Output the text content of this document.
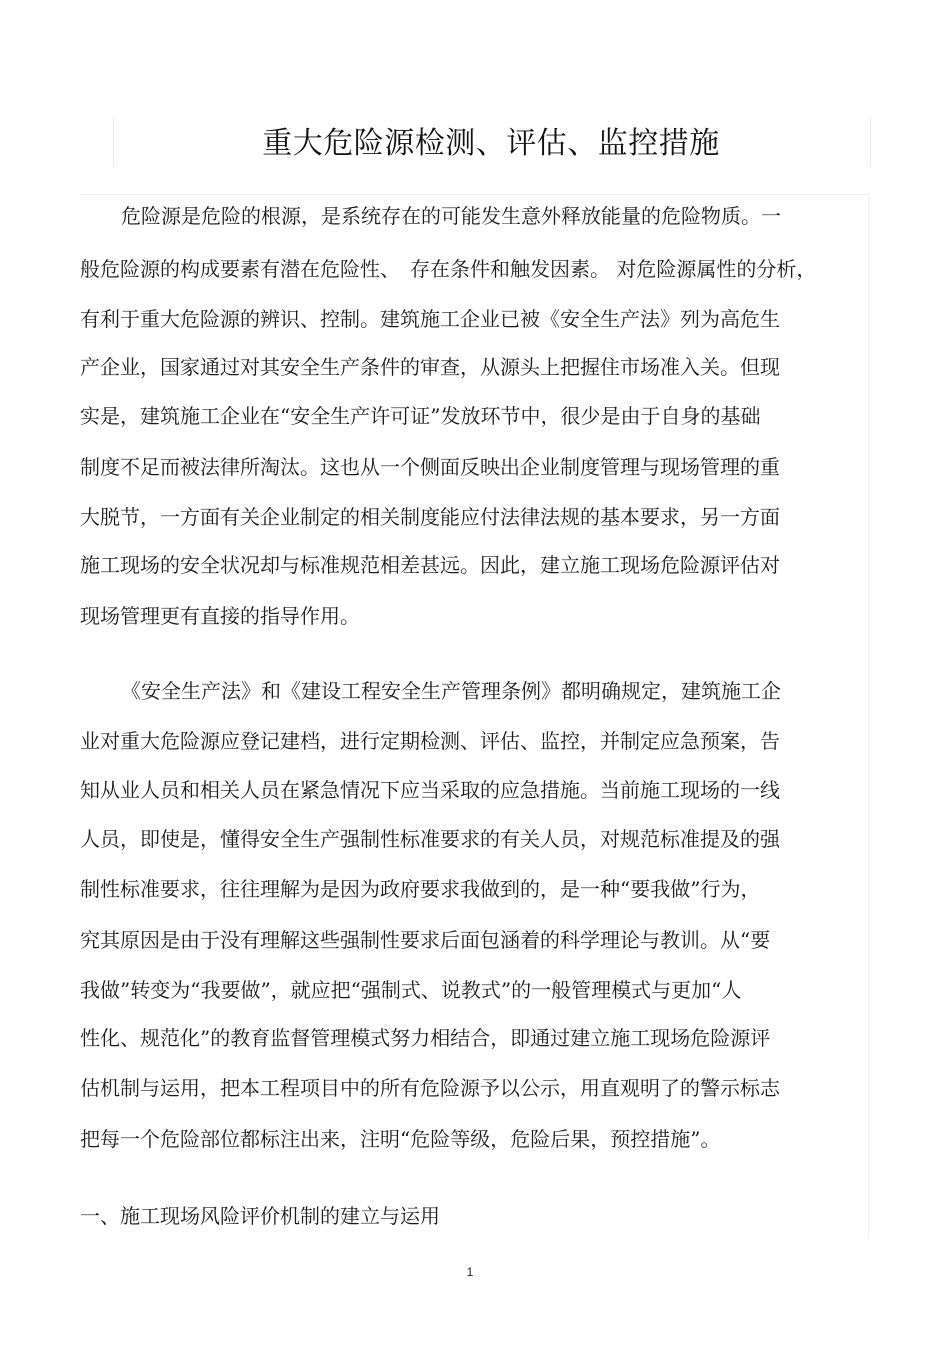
重大危险源检测、评估、监控措施
危险源是危险的根源，是系统存在的可能发生意外释放能量的危险物质。一
般危险源的构成要素有潜在危险性、　存在条件和触发因素。 对危险源属性的分析，
有利于重大危险源的辨识、控制。建筑施工企业已被《安全生产法》列为高危生
产企业，国家通过对其安全生产条件的审查，从源头上把握住市场准入关。但现
实是，建筑施工企业在“安全生产许可证”发放环节中，很少是由于自身的基础
制度不足而被法律所淘汰。这也从一个侧面反映出企业制度管理与现场管理的重
大脱节，一方面有关企业制定的相关制度能应付法律法规的基本要求，另一方面
施工现场的安全状况却与标准规范相差甚远。因此，建立施工现场危险源评估对
现场管理更有直接的指导作用。
《安全生产法》和《建设工程安全生产管理条例》都明确规定，建筑施工企
业对重大危险源应登记建档，进行定期检测、评估、监控，并制定应急预案，告
知从业人员和相关人员在紧急情况下应当采取的应急措施。当前施工现场的一线
人员，即使是，懂得安全生产强制性标准要求的有关人员，对规范标准提及的强
制性标准要求，往往理解为是因为政府要求我做到的，是一种“要我做”行为，
究其原因是由于没有理解这些强制性要求后面包涵着的科学理论与教训。从“要
我做”转变为“我要做”，就应把“强制式、说教式”的一般管理模式与更加“人
性化、规范化”的教育监督管理模式努力相结合，即通过建立施工现场危险源评
估机制与运用，把本工程项目中的所有危险源予以公示，用直观明了的警示标志
把每一个危险部位都标注出来，注明“危险等级，危险后果，预控措施”。
一、施工现场风险评价机制的建立与运用
1
